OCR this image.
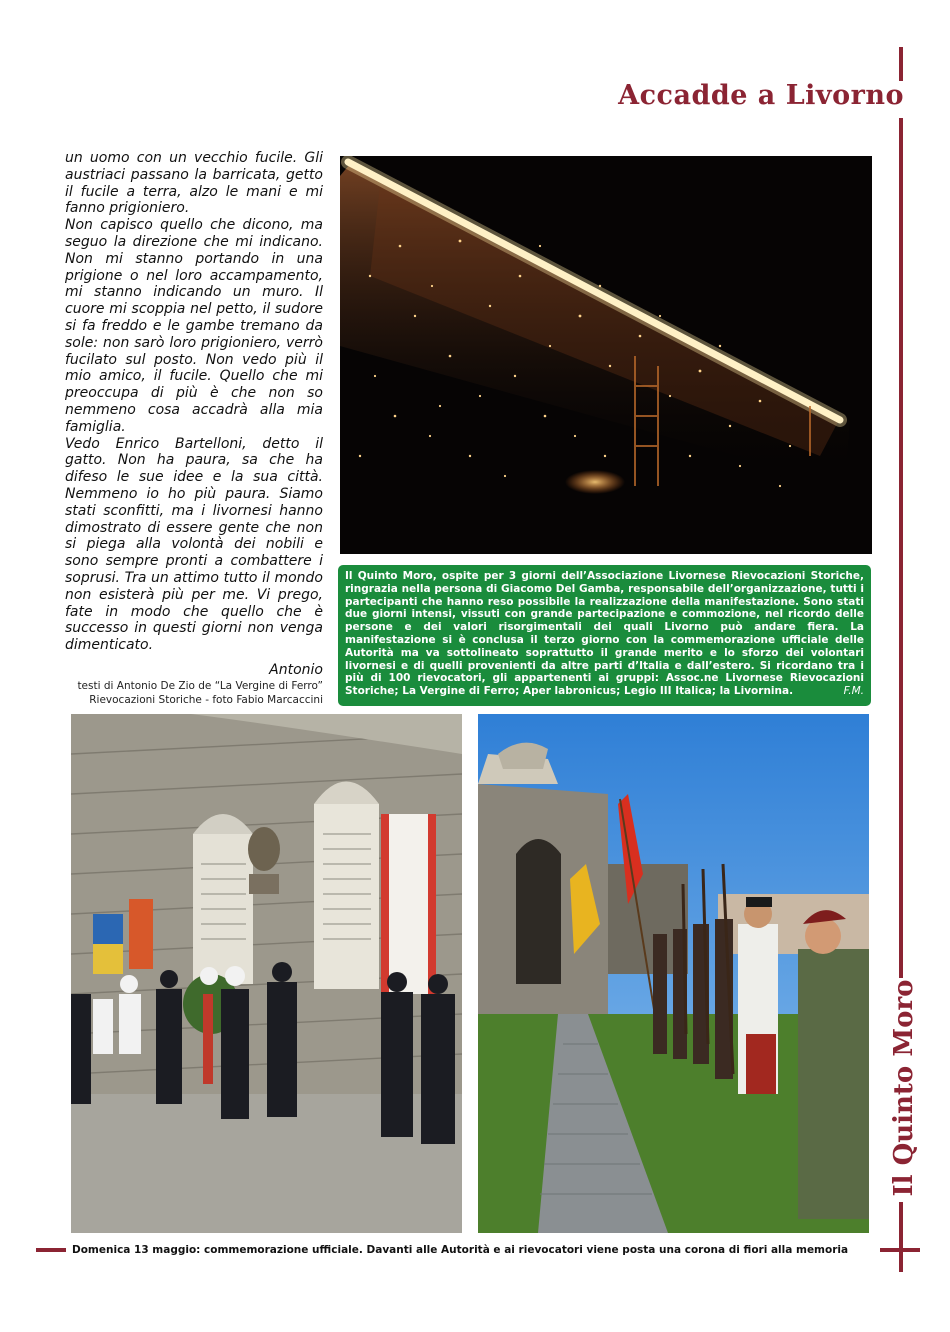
Accadde a Livorno
Il Quinto Moro

un uomo con un vecchio fucile. Gli austriaci passano la barricata, getto il fucile a terra, alzo le mani e mi fanno prigioniero.

Non capisco quello che dicono, ma seguo la direzione che mi indicano. Non mi stanno portando in una prigione o nel loro accampamento, mi stanno indicando un muro. Il cuore mi scoppia nel petto, il sudore si fa freddo e le gambe tremano da sole: non sarò loro prigioniero, verrò fucilato sul posto. Non vedo più il mio amico, il fucile. Quello che mi preoccupa di più è che non so nemmeno cosa accadrà alla mia famiglia.

Vedo Enrico Bartelloni, detto il gatto. Non ha paura, sa che ha difeso le sue idee e la sua città. Nemmeno io ho più paura. Siamo stati sconfitti, ma i livornesi hanno dimostrato di essere gente che non si piega alla volontà dei nobili e sono sempre pronti a combattere i soprusi. Tra un attimo tutto il mondo non esisterà più per me. Vi prego, fate in modo che quello che è successo in questi giorni non venga dimenticato.

Antonio
testi di Antonio De Zio de “La Vergine di Ferro”
Rievocazioni Storiche - foto Fabio Marcaccini
Il Quinto Moro, ospite per 3 giorni dell’Associazione Livornese Rievocazioni Storiche, ringrazia nella persona di Giacomo Del Gamba, responsabile dell’organizzazione, tutti i partecipanti che hanno reso possibile la realizzazione della manifestazione. Sono stati due giorni intensi, vissuti con grande partecipazione e commozione, nel ricordo delle persone e dei valori risorgimentali dei quali Livorno può andare fiera. La manifestazione si è conclusa il terzo giorno con la commemorazione ufficiale delle Autorità ma va sottolineato soprattutto il grande merito e lo sforzo dei volontari livornesi e di quelli provenienti da altre parti d’Italia e dall’estero. Si ricordano tra i più di 100 rievocatori, gli appartenenti ai gruppi: Assoc.ne Livornese Rievocazioni Storiche; La Vergine di Ferro; Aper labronicus; Legio III Italica; la Livornina.	F.M.
Domenica 13 maggio: commemorazione ufficiale. Davanti alle Autorità e ai rievocatori viene posta una corona di fiori alla memoria
